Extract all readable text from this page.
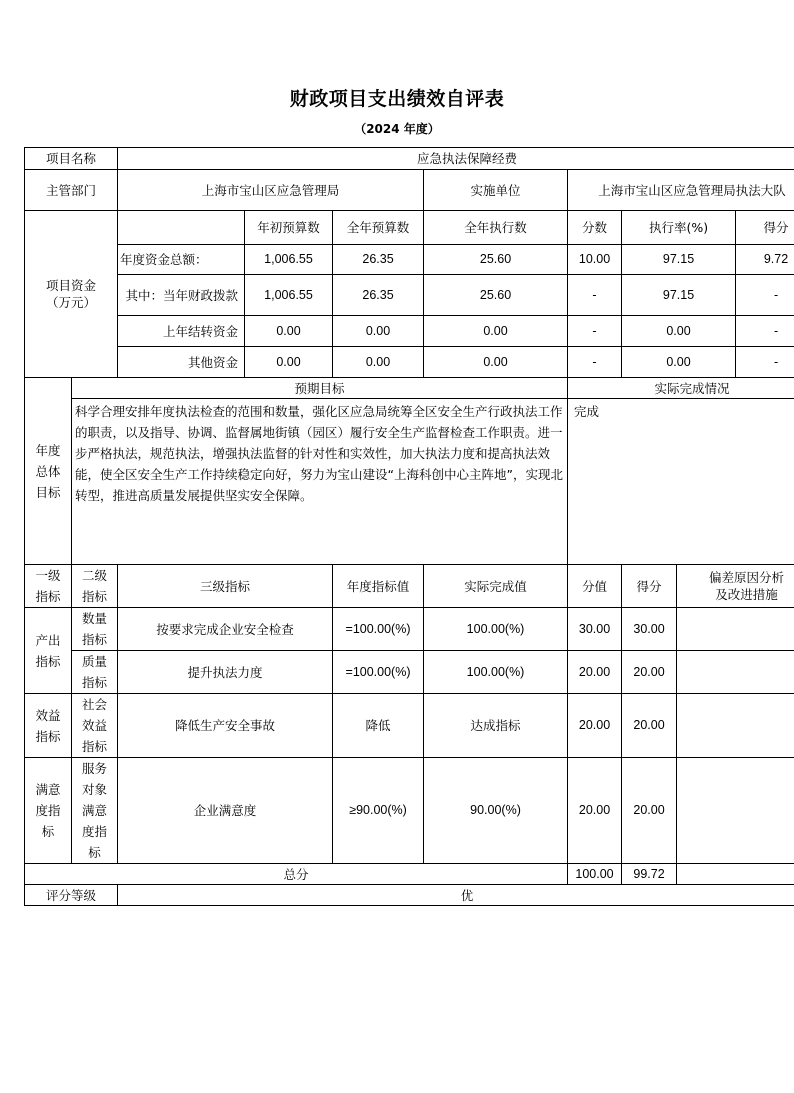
财政项目支出绩效自评表
（2024 年度）
项目名称		应急执法保障经费							
主管部门		上海市宝山区应急管理局			实施单位	上海市宝山区应急管理局执法大队			

项目资金
（万元）			年初预算数	全年预算数	全年执行数	分数	执行率(%)		得分
		年度资金总额：	1,006.55	26.35	25.60	10.00	97.15		9.72
		其中：当年财政拨款	1,006.55	26.35	25.60	-	97.15		-
		上年结转资金	0.00	0.00	0.00	-	0.00		-
		其他资金	0.00	0.00	0.00	-	0.00		-

年度总体目标	预期目标					实际完成情况			
	科学合理安排年度执法检查的范围和数量，强化区应急局统筹全区安全生产行政执法工作的职责，以及指导、协调、监督属地街镇（园区）履行安全生产监督检查工作职责。进一步严格执法，规范执法，增强执法监督的针对性和实效性，加大执法力度和提高执法效能，使全区安全生产工作持续稳定向好，努力为宝山建设“上海科创中心主阵地”，实现北转型，推进高质量发展提供坚实安全保障。					完成			

一级指标	二级指标	三级指标		年度指标值	实际完成值	分值	得分	偏差原因分析
及改进措施	

产出指标	数量指标	按要求完成企业安全检查		=100.00(%)	100.00(%)	30.00	30.00		

	质量指标	提升执法力度		=100.00(%)	100.00(%)	20.00	20.00		

效益指标	社会效益指标	降低生产安全事故		降低	达成指标	20.00	20.00		

满意度指标	服务对象满意度指标	企业满意度		≥90.00(%)	90.00(%)	20.00	20.00		
总分						100.00	99.72		
评分等级		优							
